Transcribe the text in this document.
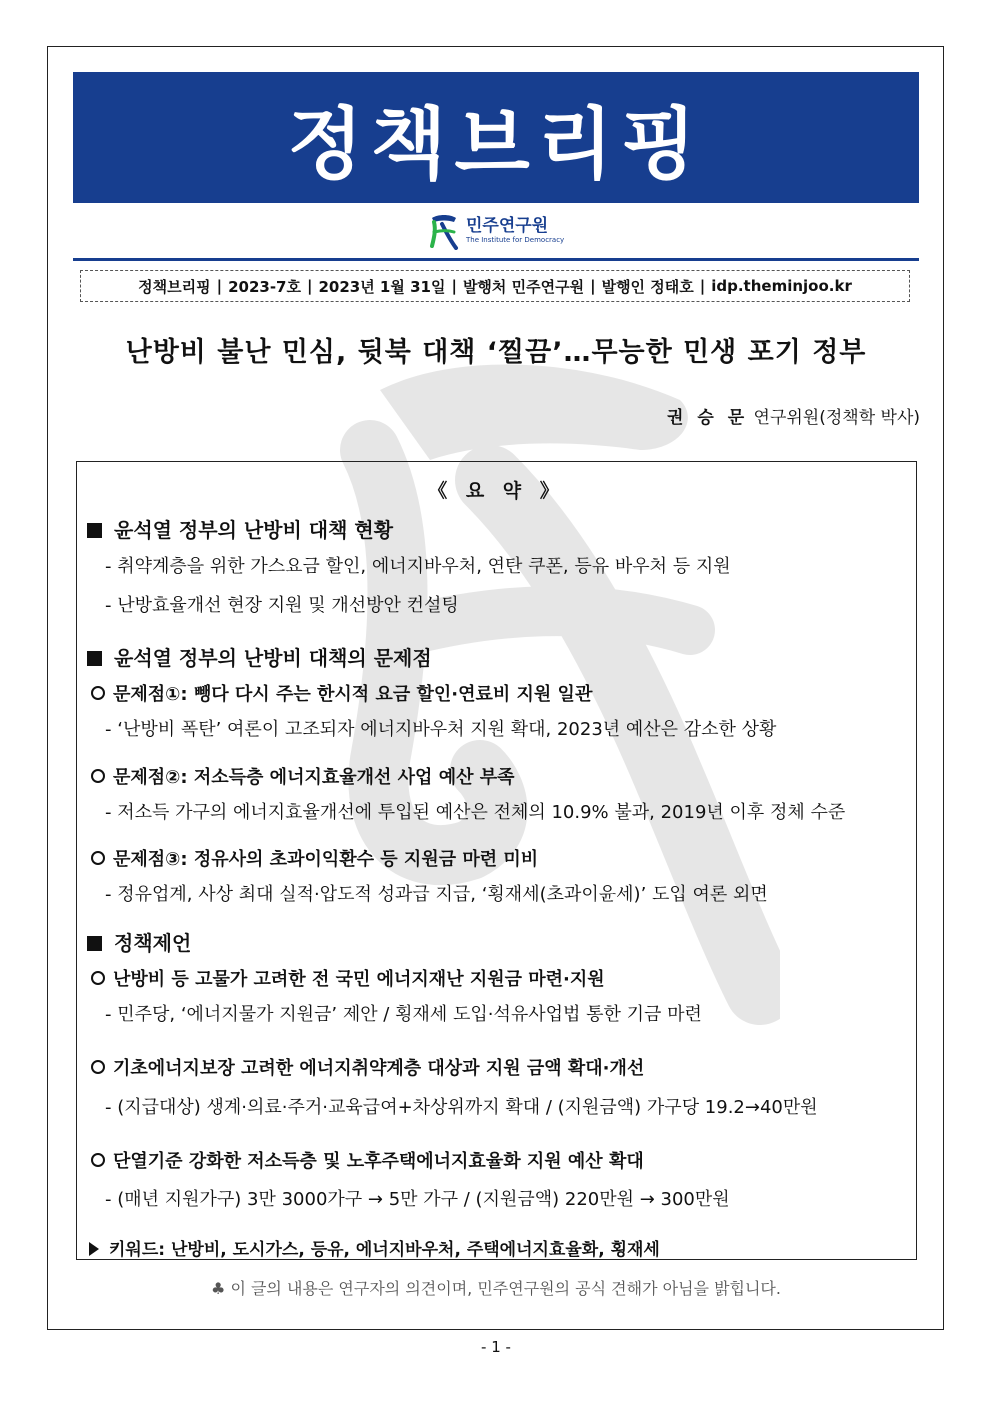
정책브리핑
민주연구원
The Institute for Democracy
정책브리핑 | 2023-7호 | 2023년 1월 31일 | 발행처 민주연구원 | 발행인 정태호 | idp.theminjoo.kr
난방비 불난 민심, 뒷북 대책 ‘찔끔’…무능한 민생 포기 정부
권 승 문 연구위원(정책학 박사)
《 요 약 》
윤석열 정부의 난방비 대책 현황
- 취약계층을 위한 가스요금 할인, 에너지바우처, 연탄 쿠폰, 등유 바우처 등 지원
- 난방효율개선 현장 지원 및 개선방안 컨설팅
윤석열 정부의 난방비 대책의 문제점
문제점①: 뺑다 다시 주는 한시적 요금 할인·연료비 지원 일관
- ‘난방비 폭탄’ 여론이 고조되자 에너지바우처 지원 확대, 2023년 예산은 감소한 상황
문제점②: 저소득층 에너지효율개선 사업 예산 부족
- 저소득 가구의 에너지효율개선에 투입된 예산은 전체의 10.9% 불과, 2019년 이후 정체 수준
문제점③: 정유사의 초과이익환수 등 지원금 마련 미비
- 정유업계, 사상 최대 실적·압도적 성과급 지급, ‘횡재세(초과이윤세)’ 도입 여론 외면
정책제언
난방비 등 고물가 고려한 전 국민 에너지재난 지원금 마련·지원
- 민주당, ‘에너지물가 지원금’ 제안 / 횡재세 도입·석유사업법 통한 기금 마련
기초에너지보장 고려한 에너지취약계층 대상과 지원 금액 확대·개선
- (지급대상) 생계·의료·주거·교육급여+차상위까지 확대 / (지원금액) 가구당 19.2→40만원
단열기준 강화한 저소득층 및 노후주택에너지효율화 지원 예산 확대
- (매년 지원가구) 3만 3000가구 → 5만 가구 / (지원금액) 220만원 → 300만원
키워드: 난방비, 도시가스, 등유, 에너지바우처, 주택에너지효율화, 횡재세
♣ 이 글의 내용은 연구자의 의견이며, 민주연구원의 공식 견해가 아님을 밝힙니다.
- 1 -
